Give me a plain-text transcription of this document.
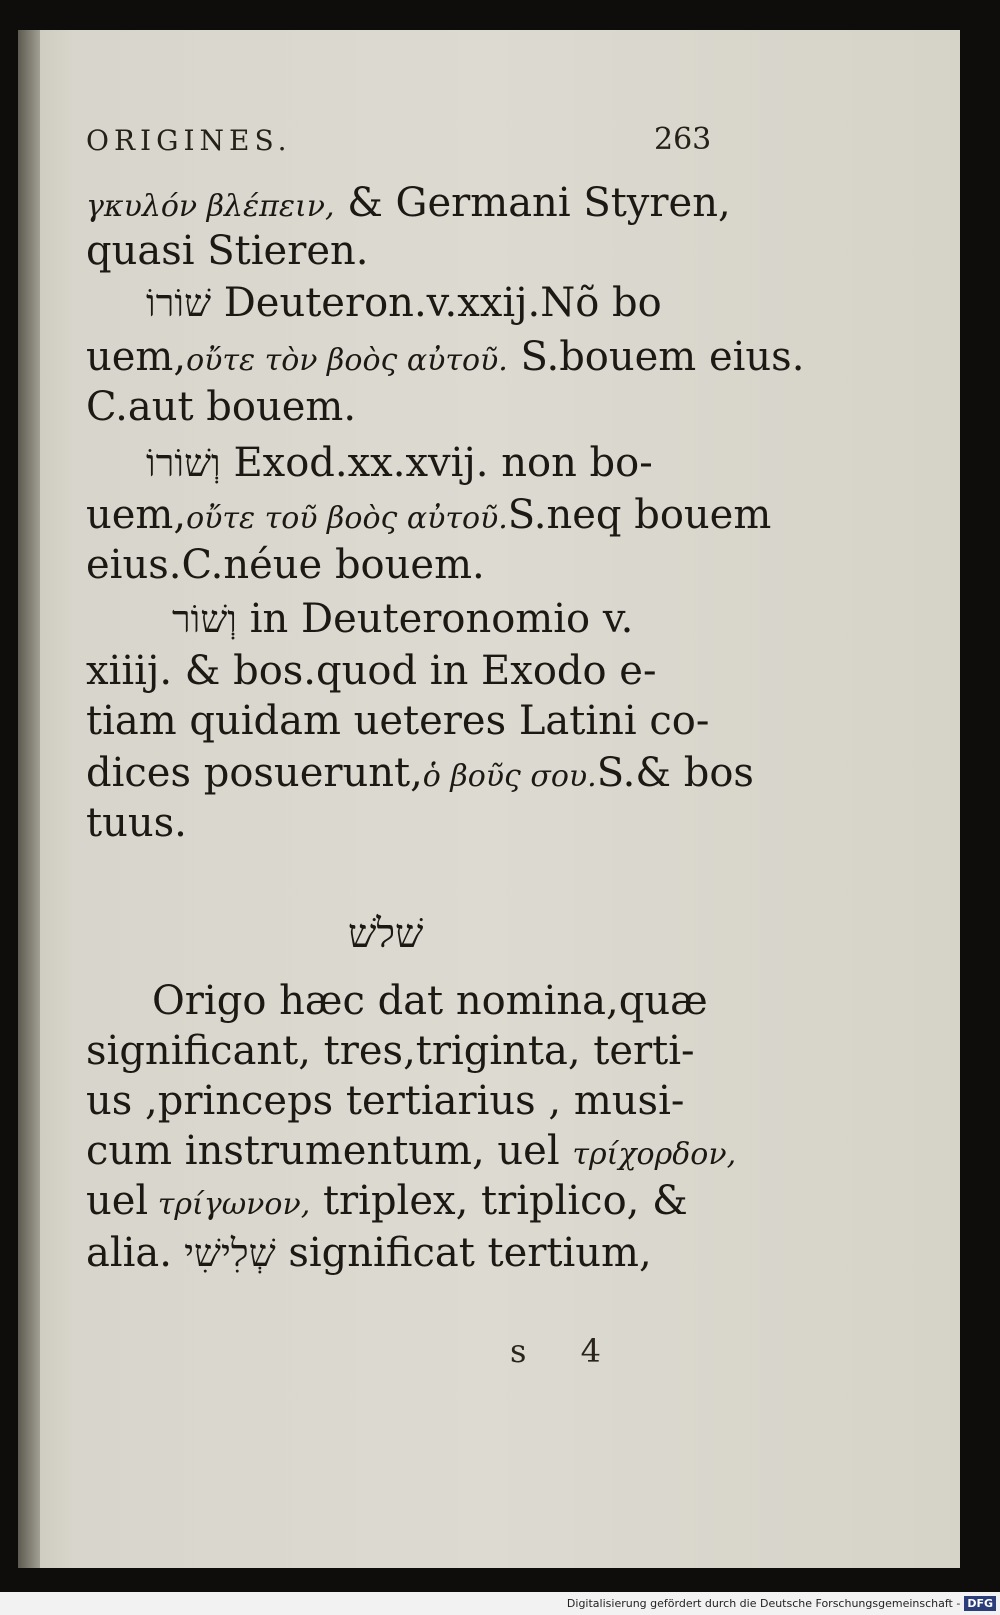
ORIGINES.	263
γκυλόν βλέπειν, & Germani Styren,
quasi Stieren.
שׁוֹרוֹ Deuteron.v.xxij.Nõ bo
uem,οὔτε τὸν βοὸς αὐτοῦ. S.bouem eius.
C.aut bouem.
וְשׁוֹרוֹ Exod.xx.xvij. non bo-
uem,οὔτε τοῦ βοὸς αὐτοῦ.S.neq bouem
eius.C.néue bouem.
וְשׁוֹר in Deuteronomio v.
xiiij. & bos.quod in Exodo e-
tiam quidam ueteres Latini co-
dices posuerunt,ὁ βοῦς σου.S.& bos
tuus.
שׁלשׁ
Origo hæc dat nomina,quæ
significant, tres,triginta, terti-
us ,princeps tertiarius , musi-
cum instrumentum, uel τρίχορδον,
uel τρίγωνον, triplex, triplico, &
alia. שְׁלִישִׁי significat tertium,
s 4
Digitalisierung gefördert durch die Deutsche Forschungsgemeinschaft - DFG
